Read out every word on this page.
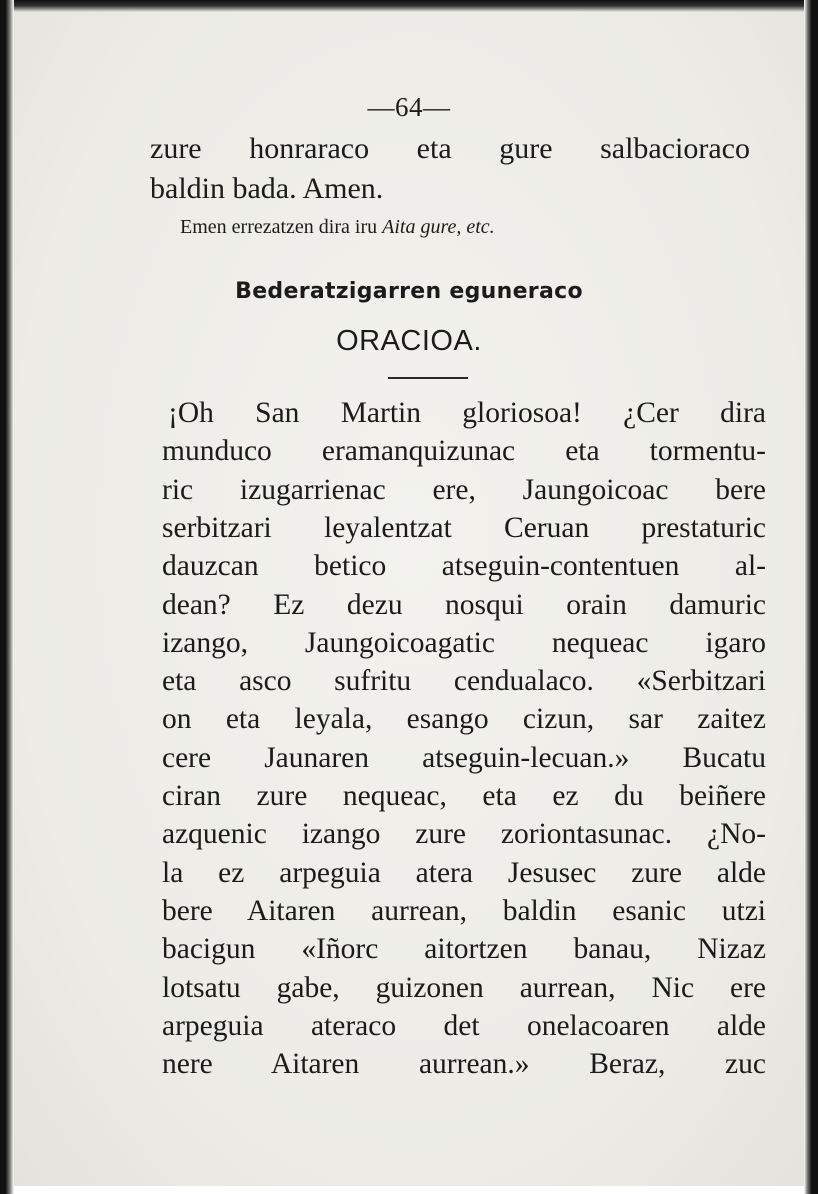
—64—
zure honraraco eta gure salbacioraco
baldin bada. Amen.
Emen errezatzen dira iru Aita gure, etc.
Bederatzigarren eguneraco
ORACIOA.
¡Oh San Martin gloriosoa! ¿Cer dira
munduco eramanquizunac eta tormentu-
ric izugarrienac ere, Jaungoicoac bere
serbitzari leyalentzat Ceruan prestaturic
dauzcan betico atseguin-contentuen al-
dean? Ez dezu nosqui orain damuric
izango, Jaungoicoagatic nequeac igaro
eta asco sufritu cendualaco. «Serbitzari
on eta leyala, esango cizun, sar zaitez
cere Jaunaren atseguin-lecuan.» Bucatu
ciran zure nequeac, eta ez du beiñere
azquenic izango zure zoriontasunac. ¿No-
la ez arpeguia atera Jesusec zure alde
bere Aitaren aurrean, baldin esanic utzi
bacigun «Iñorc aitortzen banau, Nizaz
lotsatu gabe, guizonen aurrean, Nic ere
arpeguia ateraco det onelacoaren alde
nere Aitaren aurrean.» Beraz, zuc
